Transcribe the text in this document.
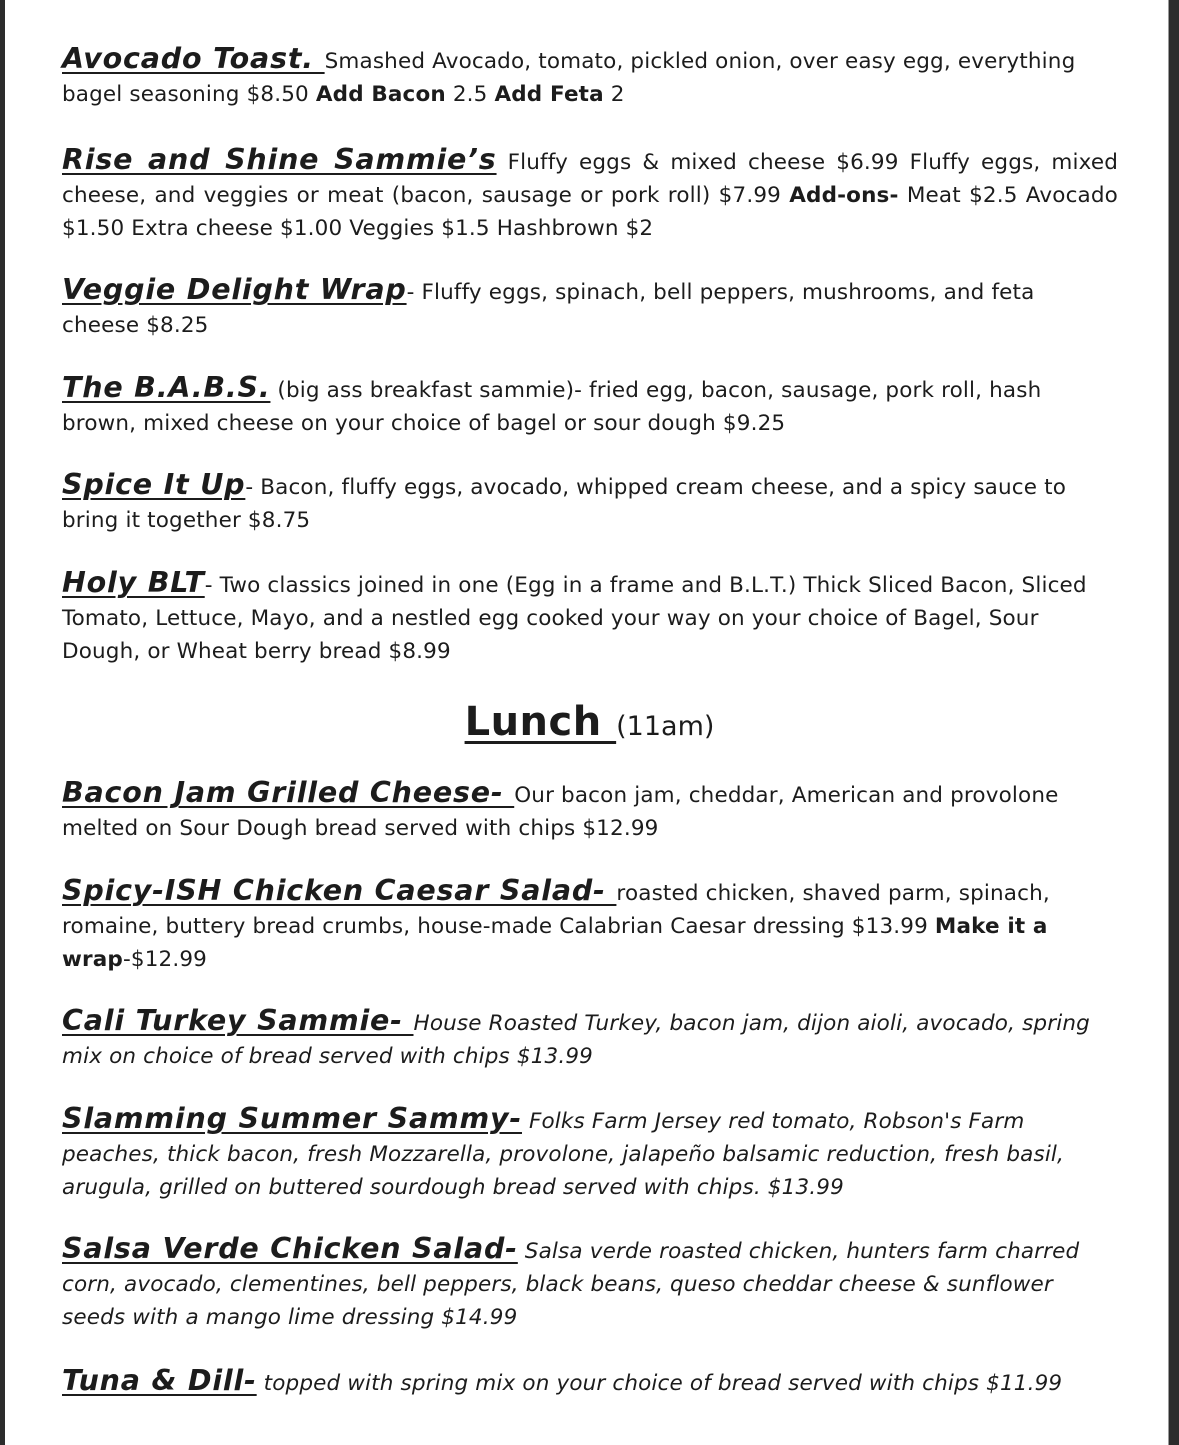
Avocado Toast. Smashed Avocado, tomato, pickled onion, over easy egg, everything bagel seasoning $8.50 Add Bacon 2.5 Add Feta 2

Rise and Shine Sammie’s Fluffy eggs & mixed cheese $6.99 Fluffy eggs, mixed cheese, and veggies or meat (bacon, sausage or pork roll) $7.99 Add-ons- Meat $2.5 Avocado $1.50 Extra cheese $1.00 Veggies $1.5 Hashbrown $2

Veggie Delight Wrap- Fluffy eggs, spinach, bell peppers, mushrooms, and feta cheese $8.25

The B.A.B.S. (big ass breakfast sammie)- fried egg, bacon, sausage, pork roll, hash brown, mixed cheese on your choice of bagel or sour dough $9.25

Spice It Up- Bacon, fluffy eggs, avocado, whipped cream cheese, and a spicy sauce to bring it together $8.75

Holy BLT- Two classics joined in one (Egg in a frame and B.L.T.) Thick Sliced Bacon, Sliced Tomato, Lettuce, Mayo, and a nestled egg cooked your way on your choice of Bagel, Sour Dough, or Wheat berry bread $8.99

Lunch (11am)

Bacon Jam Grilled Cheese- Our bacon jam, cheddar, American and provolone melted on Sour Dough bread served with chips $12.99

Spicy-ISH Chicken Caesar Salad- roasted chicken, shaved parm, spinach, romaine, buttery bread crumbs, house-made Calabrian Caesar dressing $13.99 Make it a wrap-$12.99

Cali Turkey Sammie- House Roasted Turkey, bacon jam, dijon aioli, avocado, spring mix on choice of bread served with chips $13.99

Slamming Summer Sammy- Folks Farm Jersey red tomato, Robson's Farm peaches, thick bacon, fresh Mozzarella, provolone, jalapeño balsamic reduction, fresh basil, arugula, grilled on buttered sourdough bread served with chips. $13.99

Salsa Verde Chicken Salad- Salsa verde roasted chicken, hunters farm charred corn, avocado, clementines, bell peppers, black beans, queso cheddar cheese & sunflower seeds with a mango lime dressing $14.99

Tuna & Dill- topped with spring mix on your choice of bread served with chips $11.99
